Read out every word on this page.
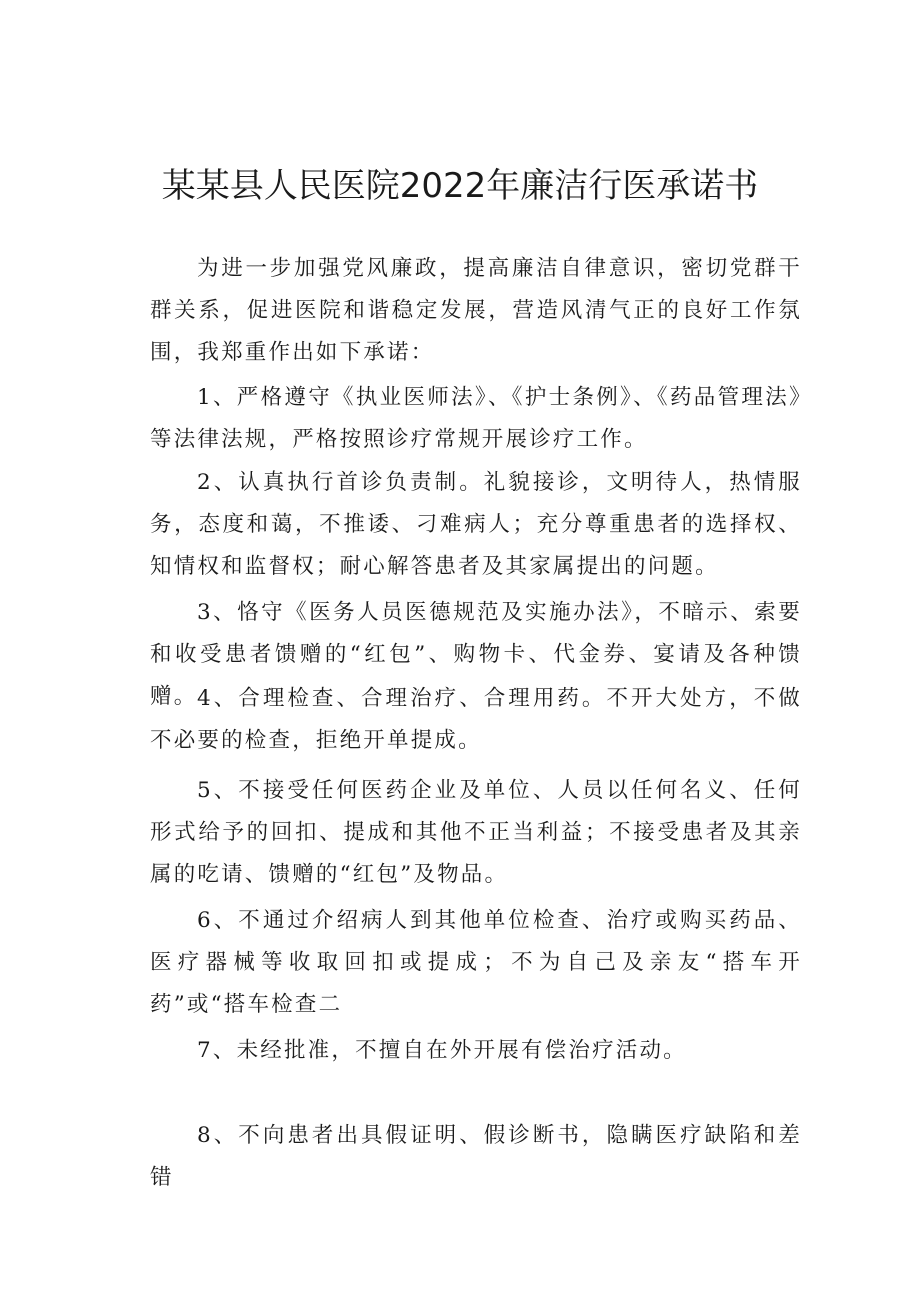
某某县人民医院2022年廉洁行医承诺书

为进一步加强党风廉政，提高廉洁自律意识，密切党群干群关系，促进医院和谐稳定发展，营造风清气正的良好工作氛围，我郑重作出如下承诺：

1、严格遵守《执业医师法》、《护士条例》、《药品管理法》等法律法规，严格按照诊疗常规开展诊疗工作。

2、认真执行首诊负责制。礼貌接诊，文明待人，热情服务，态度和蔼，不推诿、刁难病人；充分尊重患者的选择权、知情权和监督权；耐心解答患者及其家属提出的问题。

3、恪守《医务人员医德规范及实施办法》，不暗示、索要和收受患者馈赠的“红包”、购物卡、代金券、宴请及各种馈赠。 4、合理检查、合理治疗、合理用药。不开大处方，不做不必要的检查，拒绝开单提成。

5、不接受任何医药企业及单位、人员以任何名义、任何形式给予的回扣、提成和其他不正当利益；不接受患者及其亲属的吃请、馈赠的“红包”及物品。

6、不通过介绍病人到其他单位检查、治疗或购买药品、医疗器械等收取回扣或提成；不为自己及亲友“搭车开药”或“搭车检查二

7、未经批准，不擅自在外开展有偿治疗活动。

8、不向患者出具假证明、假诊断书，隐瞒医疗缺陷和差错
